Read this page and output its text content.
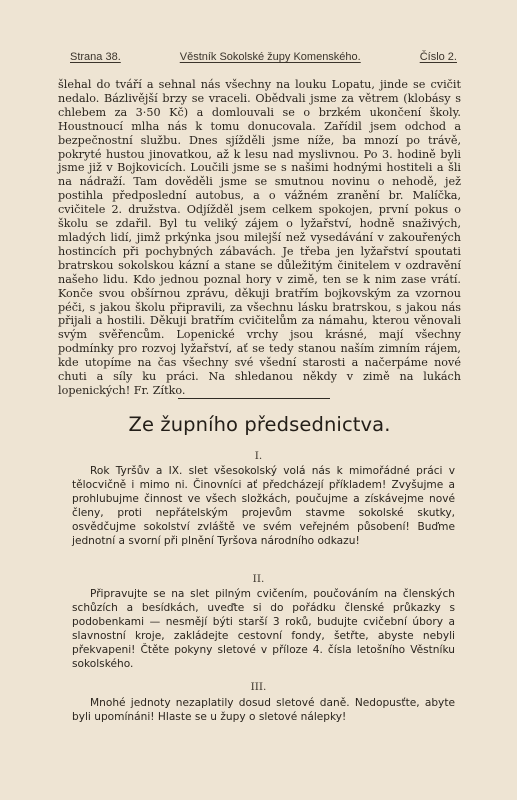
Strana 38.	Věstník Sokolské župy Komenského.	Číslo 2.
šlehal do tváří a sehnal nás všechny na louku Lopatu, jinde se cvičit nedalo. Bázlivější brzy se vraceli. Obědvali jsme za větrem (klobásy s chlebem za 3·50 Kč) a domlouvali se o brzkém ukončení školy. Houstnoucí mlha nás k tomu donucovala. Zařídil jsem odchod a bezpečnostní službu. Dnes sjížděli jsme níže, ba mnozí po trávě, pokryté hustou jinovatkou, až k lesu nad myslivnou. Po 3. hodině byli jsme již v Bojkovicích. Loučili jsme se s našimi hodnými hostiteli a šli na nádraží. Tam dověděli jsme se smutnou novinu o nehodě, jež postihla předposlední autobus, a o vážném zranění br. Malíčka, cvičitele 2. družstva. Odjížděl jsem celkem spokojen, první pokus o školu se zdařil. Byl tu veliký zájem o lyžařství, hodně snaživých, mladých lidí, jimž prkýnka jsou milejší než vysedávání v zakouřených hostincích při pochybných zábavách. Je třeba jen lyžařství spoutati bratrskou sokolskou kázní a stane se důležitým činitelem v ozdravění našeho lidu. Kdo jednou poznal hory v zimě, ten se k nim zase vrátí. Konče svou obšírnou zprávu, děkuji bratřím bojkovským za vzornou péči, s jakou školu připravili, za všechnu lásku bratrskou, s jakou nás přijali a hostili. Děkuji bratřím cvičitelům za námahu, kterou věnovali svým svěřencům. Lopenické vrchy jsou krásné, mají všechny podmínky pro rozvoj lyžařství, ať se tedy stanou naším zimním rájem, kde utopíme na čas všechny své všední starosti a načerpáme nové chuti a síly ku práci. Na shledanou někdy v zimě na lukách lopenických! Fr. Zítko.
Ze župního předsednictva.
I.
Rok Tyršův a IX. slet všesokolský volá nás k mimořádné práci v tělocvičně i mimo ni. Činovníci ať předcházejí příkladem! Zvyšujme a prohlubujme činnost ve všech složkách, poučujme a získávejme nové členy, proti nepřátelským projevům stavme sokolské skutky, osvědčujme sokolství zvláště ve svém veřejném působení! Buďme jednotní a svorní při plnění Tyršova národního odkazu!
II.
Připravujte se na slet pilným cvičením, poučováním na členských schůzích a besídkách, uveďte si do pořádku členské průkazky s podobenkami — nesmějí býti starší 3 roků, budujte cvičební úbory a slavnostní kroje, zakládejte cestovní fondy, šetřte, abyste nebyli překvapeni! Čtěte pokyny sletové v příloze 4. čísla letošního Věstníku sokolského.
III.
Mnohé jednoty nezaplatily dosud sletové daně. Nedopusťte, abyte byli upomínáni! Hlaste se u župy o sletové nálepky!
